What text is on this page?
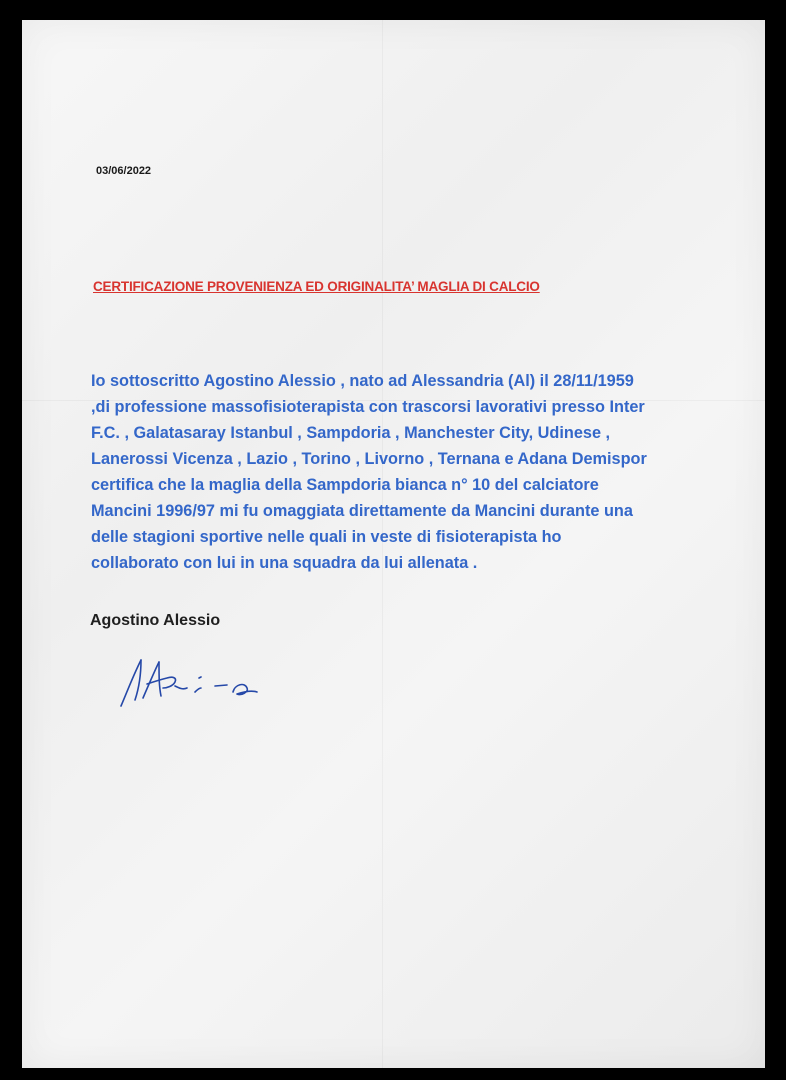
03/06/2022
CERTIFICAZIONE PROVENIENZA ED ORIGINALITA’ MAGLIA DI CALCIO

Io sottoscritto Agostino Alessio , nato ad Alessandria (Al) il 28/11/1959
,di professione massofisioterapista con trascorsi lavorativi presso Inter
F.C. , Galatasaray Istanbul , Sampdoria , Manchester City, Udinese ,
Lanerossi Vicenza , Lazio , Torino , Livorno , Ternana e Adana Demispor
certifica che la maglia della Sampdoria bianca n° 10 del calciatore
Mancini 1996/97 mi fu omaggiata direttamente da Mancini durante una
delle stagioni sportive nelle quali in veste di fisioterapista ho
collaborato con lui in una squadra da lui allenata .

Agostino Alessio
